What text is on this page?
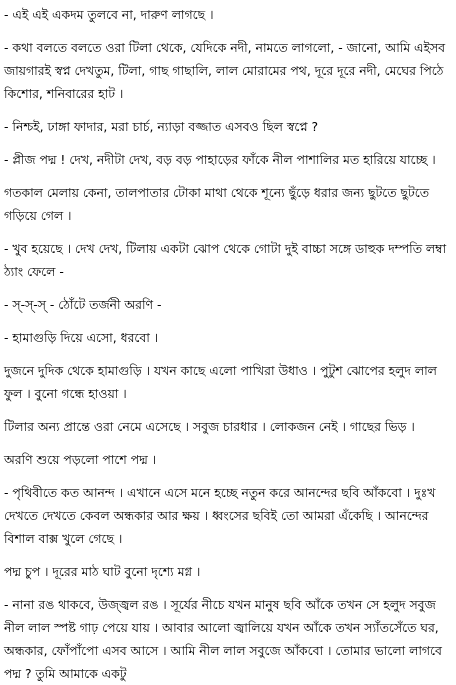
- এই এই একদম তুলবে না, দারুণ লাগছে ।

- কথা বলতে বলতে ওরা টিলা থেকে, যেদিকে নদী, নামতে লাগলো, - জানো, আমি এইসব জায়গারই স্বপ্ন দেখতুম, টিলা, গাছ গাছালি, লাল মোরামের পথ, দূরে দূরে নদী, মেঘের পিঠে কিশোর, শনিবারের হাট ।

- নিশ্চই, ঢাঙ্গা ফাদার, মরা চার্চ, ন্যাড়া বজ্জাত এসবও ছিল স্বপ্নে ?

- প্লীজ পদ্ম ! দেখ, নদীটা দেখ, বড় বড় পাহাড়ের ফাঁকে নীল পাশালির মত হারিয়ে যাচ্ছে ।

গতকাল মেলায় কেনা, তালপাতার টোকা মাথা থেকে শূন্যে ছুঁড়ে ধরার জন্য ছুটতে ছুটতে গড়িয়ে গেল ।

- খুব হয়েছে । দেখ দেখ, টিলায় একটা ঝোপ থেকে গোটা দুই বাচ্চা সঙ্গে ডাহুক দম্পতি লম্বা ঠ্যাং ফেলে -

- স্-স্-স্ - ঠোঁটে তর্জনী অরণি -

- হামাগুড়ি দিয়ে এসো, ধরবো ।

দুজনে দুদিক থেকে হামাগুড়ি । যখন কাছে এলো পাখিরা উধাও । পুটুশ ঝোপের হলুদ লাল ফুল । বুনো গন্ধে হাওয়া ।

টিলার অন্য প্রান্তে ওরা নেমে এসেছে । সবুজ চারধার । লোকজন নেই । গাছের ভিড় ।

অরণি শুয়ে পড়লো পাশে পদ্ম ।

- পৃথিবীতে কত আনন্দ । এখানে এসে মনে হচ্ছে নতুন করে আনন্দের ছবি আঁকবো । দুঃখ দেখতে দেখতে কেবল অন্ধকার আর ক্ষয় । ধ্বংসের ছবিই তো আমরা এঁকেছি । আনন্দের বিশাল বাক্স খুলে গেছে ।

পদ্ম চুপ । দূরের মাঠ ঘাট বুনো দৃশ্যে মগ্ন ।

- নানা রঙ থাকবে, উজ্জ্বল রঙ । সূর্যের নীচে যখন মানুষ ছবি আঁকে তখন সে হলুদ সবুজ নীল লাল স্পষ্ট গাঢ় পেয়ে যায় । আবার আলো জ্বালিয়ে যখন আঁকে তখন স্যাঁতসেঁতে ঘর, অন্ধকার, ফোঁপাঁপো এসব আসে । আমি নীল লাল সবুজে আঁকবো । তোমার ভালো লাগবে পদ্ম ? তুমি আমাকে একটু
